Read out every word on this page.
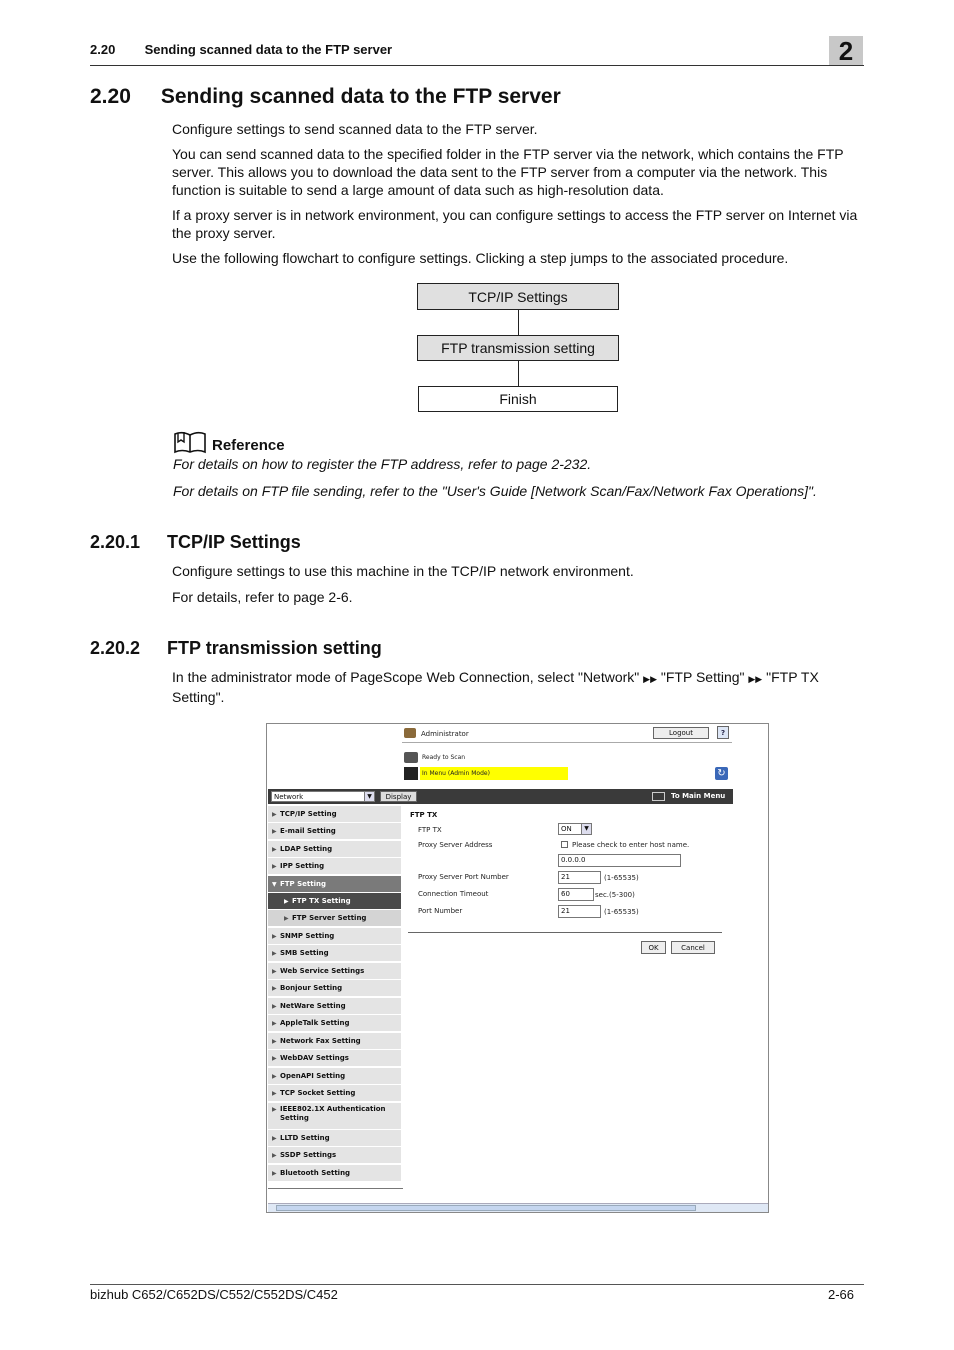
2.20 Sending scanned data to the FTP server	2
2.20 Sending scanned data to the FTP server
Configure settings to send scanned data to the FTP server.
You can send scanned data to the specified folder in the FTP server via the network, which contains the FTP server. This allows you to download the data sent to the FTP server from a computer via the network. This function is suitable to send a large amount of data such as high-resolution data.
If a proxy server is in network environment, you can configure settings to access the FTP server on Internet via the proxy server.
Use the following flowchart to configure settings. Clicking a step jumps to the associated procedure.
TCP/IP Settings
FTP transmission setting
Finish
Reference
For details on how to register the FTP address, refer to page 2-232.
For details on FTP file sending, refer to the "User's Guide [Network Scan/Fax/Network Fax Operations]".
2.20.1 TCP/IP Settings
Configure settings to use this machine in the TCP/IP network environment.
For details, refer to page 2-6.
2.20.2 FTP transmission setting
In the administrator mode of PageScope Web Connection, select "Network" ▶▶ "FTP Setting" ▶▶ "FTP TX Setting".
Administrator	Logout	?
Ready to Scan
In Menu (Admin Mode)	↻
Network	▼	Display	To Main Menu
▶ TCP/IP Setting
▶ E-mail Setting
▶ LDAP Setting
▶ IPP Setting
▼ FTP Setting
▶ FTP TX Setting
▶ FTP Server Setting
▶ SNMP Setting
▶ SMB Setting
▶ Web Service Settings
▶ Bonjour Setting
▶ NetWare Setting
▶ AppleTalk Setting
▶ Network Fax Setting
▶ WebDAV Settings
▶ OpenAPI Setting
▶ TCP Socket Setting
▶ IEEE802.1X Authentication Setting
▶ LLTD Setting
▶ SSDP Settings
▶ Bluetooth Setting
FTP TX
FTP TX	ON	▼
Proxy Server Address	Please check to enter host name.
0.0.0.0
Proxy Server Port Number	21	(1-65535)
Connection Timeout	60	sec.(5-300)
Port Number	21	(1-65535)
OK	Cancel
bizhub C652/C652DS/C552/C552DS/C452	2-66
